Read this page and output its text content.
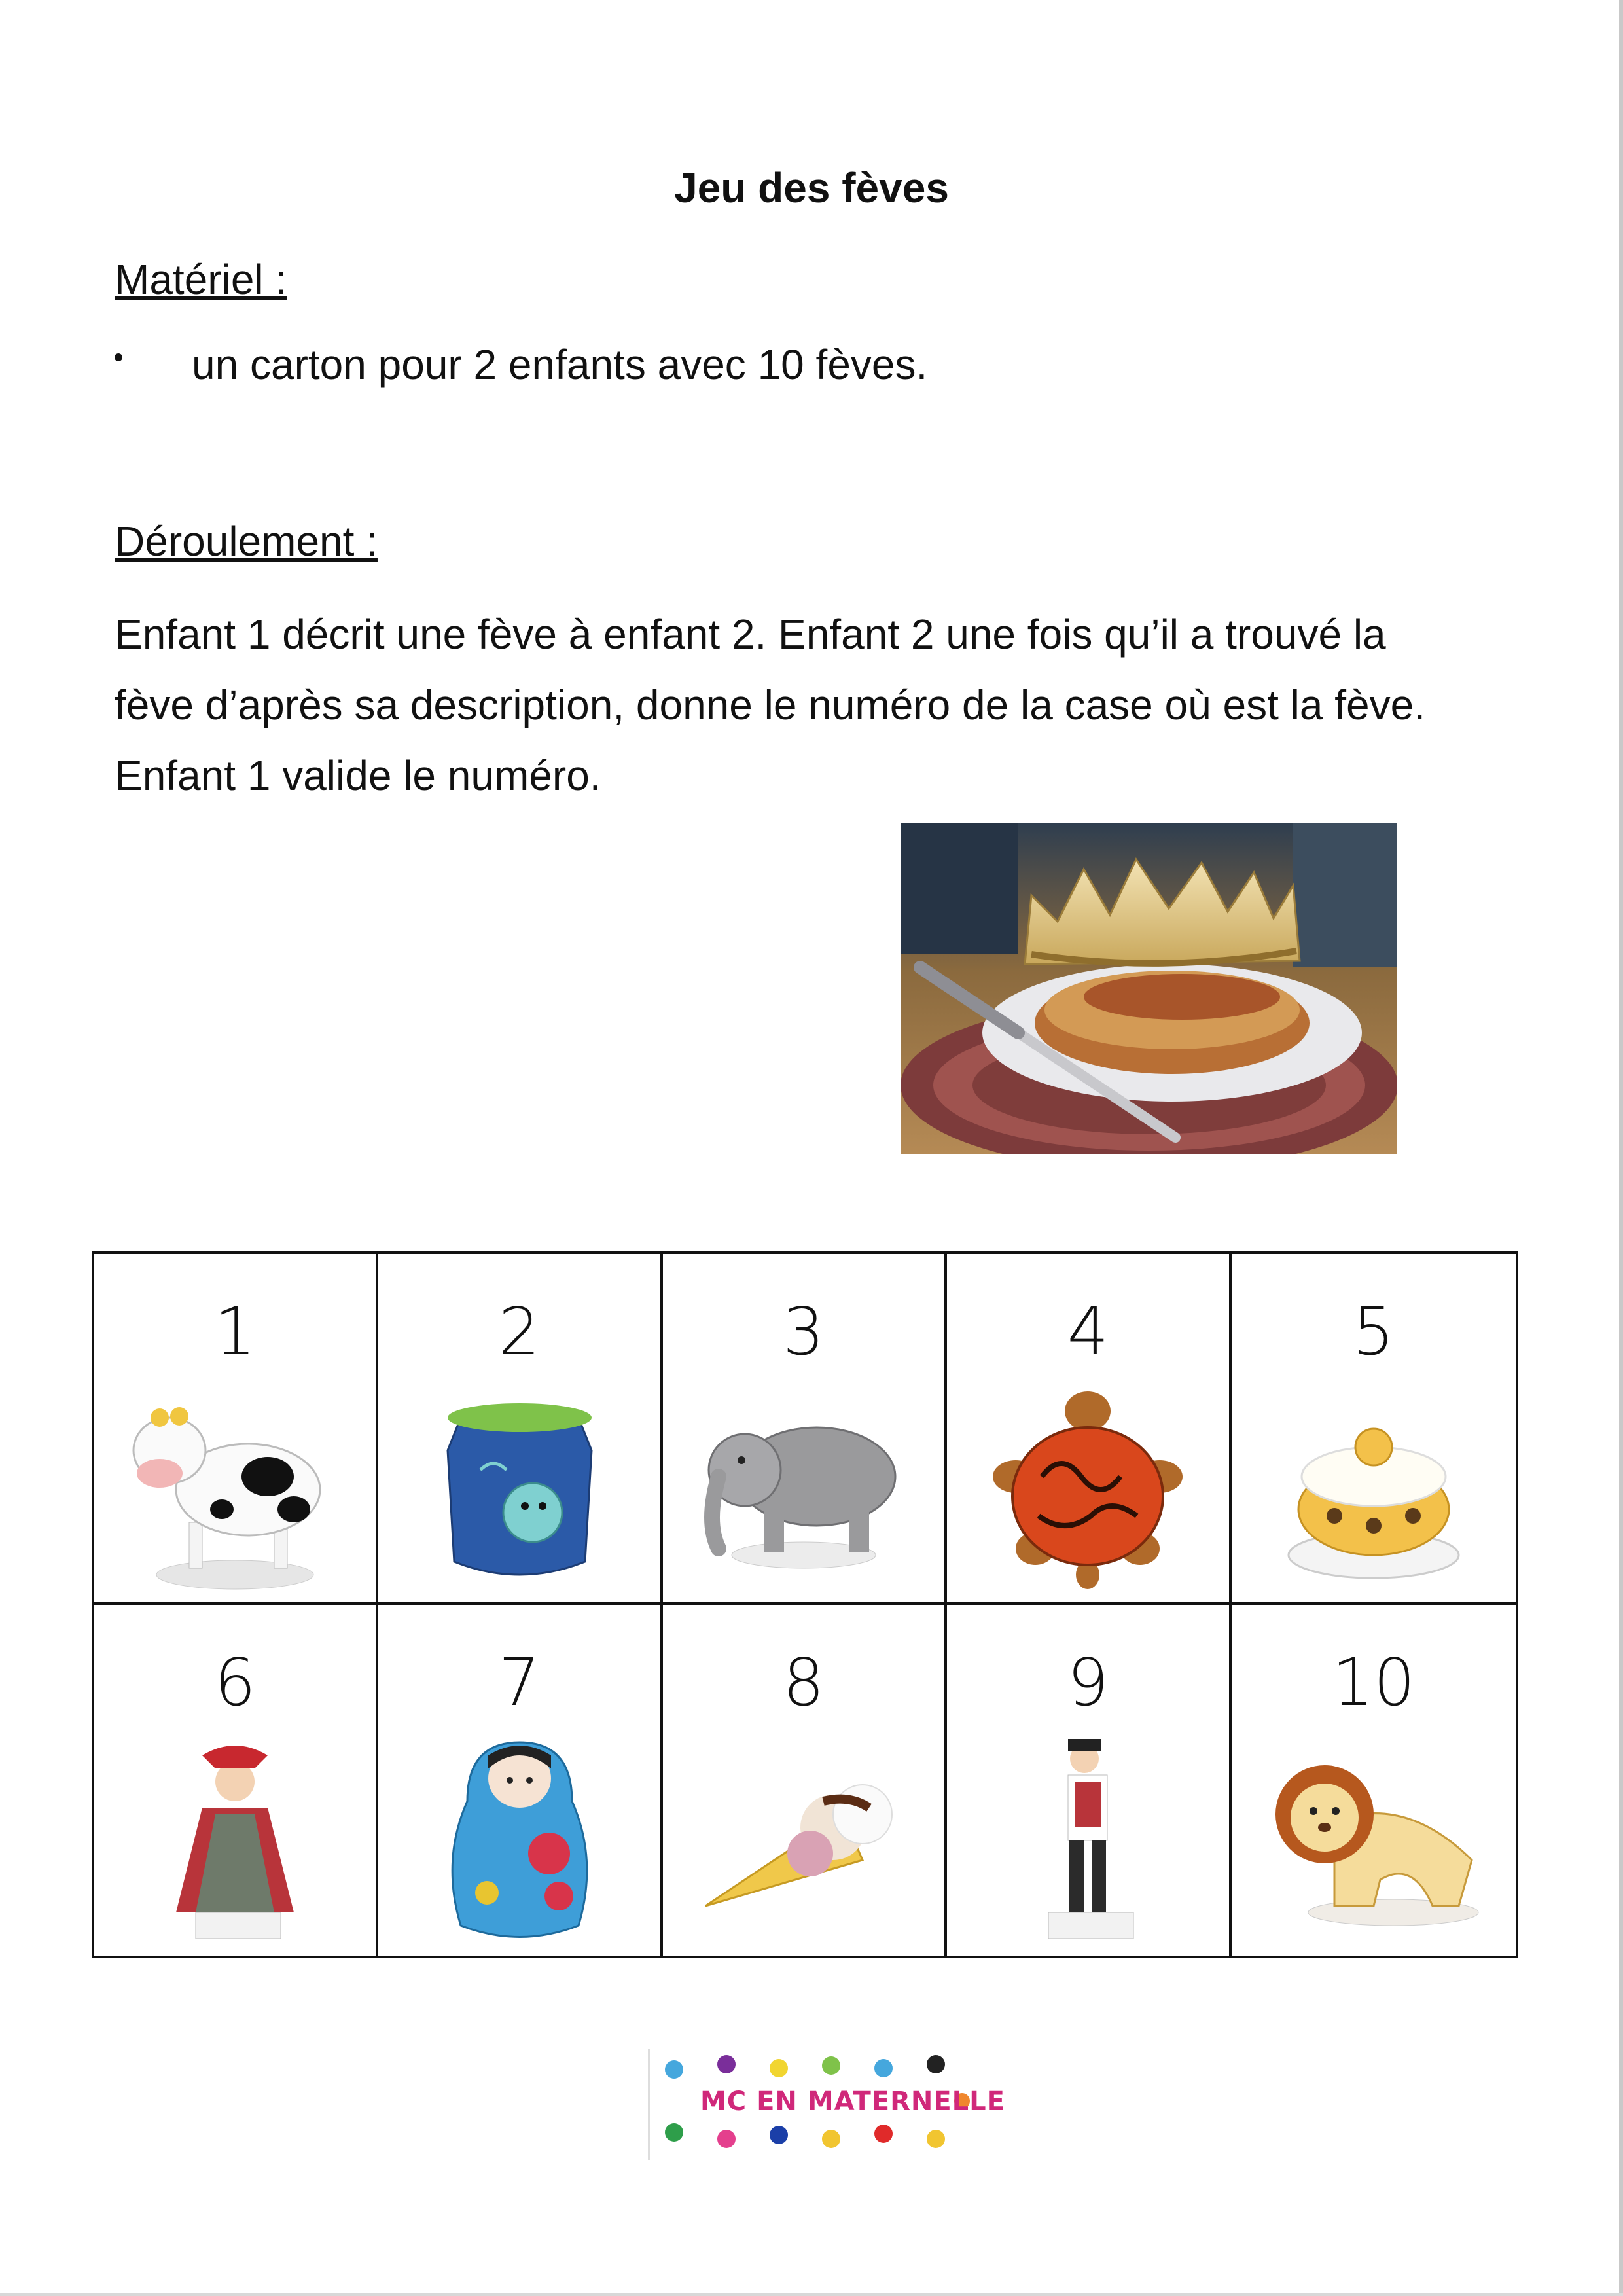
Jeu des fèves
Matériel :
un carton pour 2 enfants avec 10 fèves.
Déroulement :

Enfant 1 décrit une fève à enfant 2. Enfant 2 une fois qu’il a trouvé la

fève d’après sa description, donne le numéro de la case où est la fève.

Enfant 1 valide le numéro.

1	2	3	4	5
6	7	8	9	10
MC EN MATERNELLE
